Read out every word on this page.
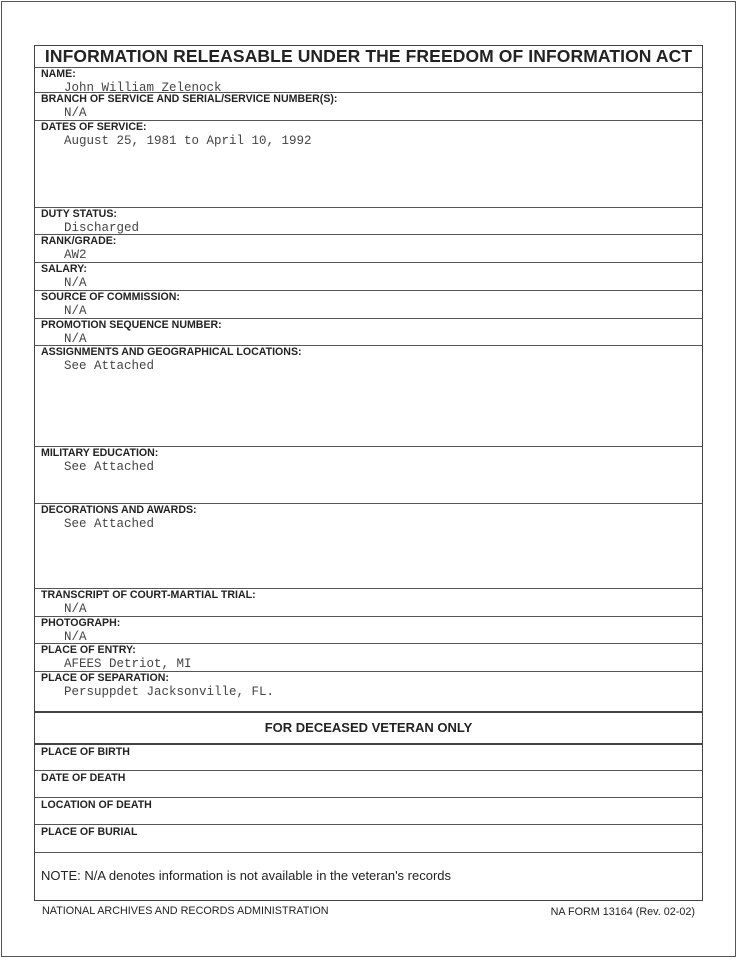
INFORMATION RELEASABLE UNDER THE FREEDOM OF INFORMATION ACT
NAME:
John William Zelenock
BRANCH OF SERVICE AND SERIAL/SERVICE NUMBER(S):
N/A
DATES OF SERVICE:
August 25, 1981 to April 10, 1992
DUTY STATUS:
Discharged
RANK/GRADE:
AW2
SALARY:
N/A
SOURCE OF COMMISSION:
N/A
PROMOTION SEQUENCE NUMBER:
N/A
ASSIGNMENTS AND GEOGRAPHICAL LOCATIONS:
See Attached
MILITARY EDUCATION:
See Attached
DECORATIONS AND AWARDS:
See Attached
TRANSCRIPT OF COURT-MARTIAL TRIAL:
N/A
PHOTOGRAPH:
N/A
PLACE OF ENTRY:
AFEES Detriot, MI
PLACE OF SEPARATION:
Persuppdet Jacksonville, FL.
FOR DECEASED VETERAN ONLY
PLACE OF BIRTH
DATE OF DEATH
LOCATION OF DEATH
PLACE OF BURIAL
NOTE: N/A denotes information is not available in the veteran's records
NATIONAL ARCHIVES AND RECORDS ADMINISTRATION	NA FORM 13164 (Rev. 02-02)
